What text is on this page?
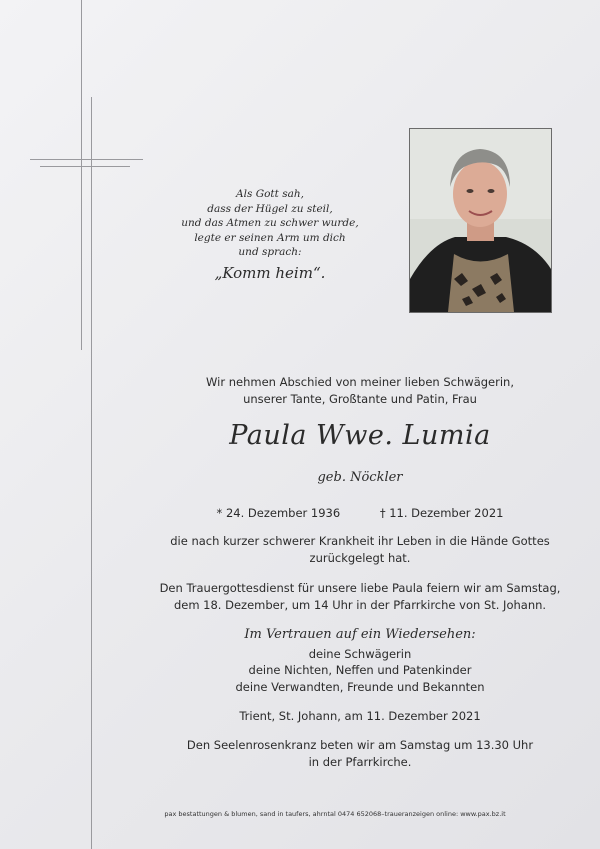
Als Gott sah,
dass der Hügel zu steil,
und das Atmen zu schwer wurde,
legte er seinen Arm um dich
und sprach:
„Komm heim“.
Wir nehmen Abschied von meiner lieben Schwägerin,
unserer Tante, Großtante und Patin, Frau
Paula Wwe. Lumia
geb. Nöckler
* 24. Dezember 1936	† 11. Dezember 2021
die nach kurzer schwerer Krankheit ihr Leben in die Hände Gottes
zurückgelegt hat.
Den Trauergottesdienst für unsere liebe Paula feiern wir am Samstag,
dem 18. Dezember, um 14 Uhr in der Pfarrkirche von St. Johann.
Im Vertrauen auf ein Wiedersehen:
deine Schwägerin
deine Nichten, Neffen und Patenkinder
deine Verwandten, Freunde und Bekannten
Trient, St. Johann, am 11. Dezember 2021
Den Seelenrosenkranz beten wir am Samstag um 13.30 Uhr
in der Pfarrkirche.
pax bestattungen & blumen, sand in taufers, ahrntal 0474 652068–traueranzeigen online: www.pax.bz.it
